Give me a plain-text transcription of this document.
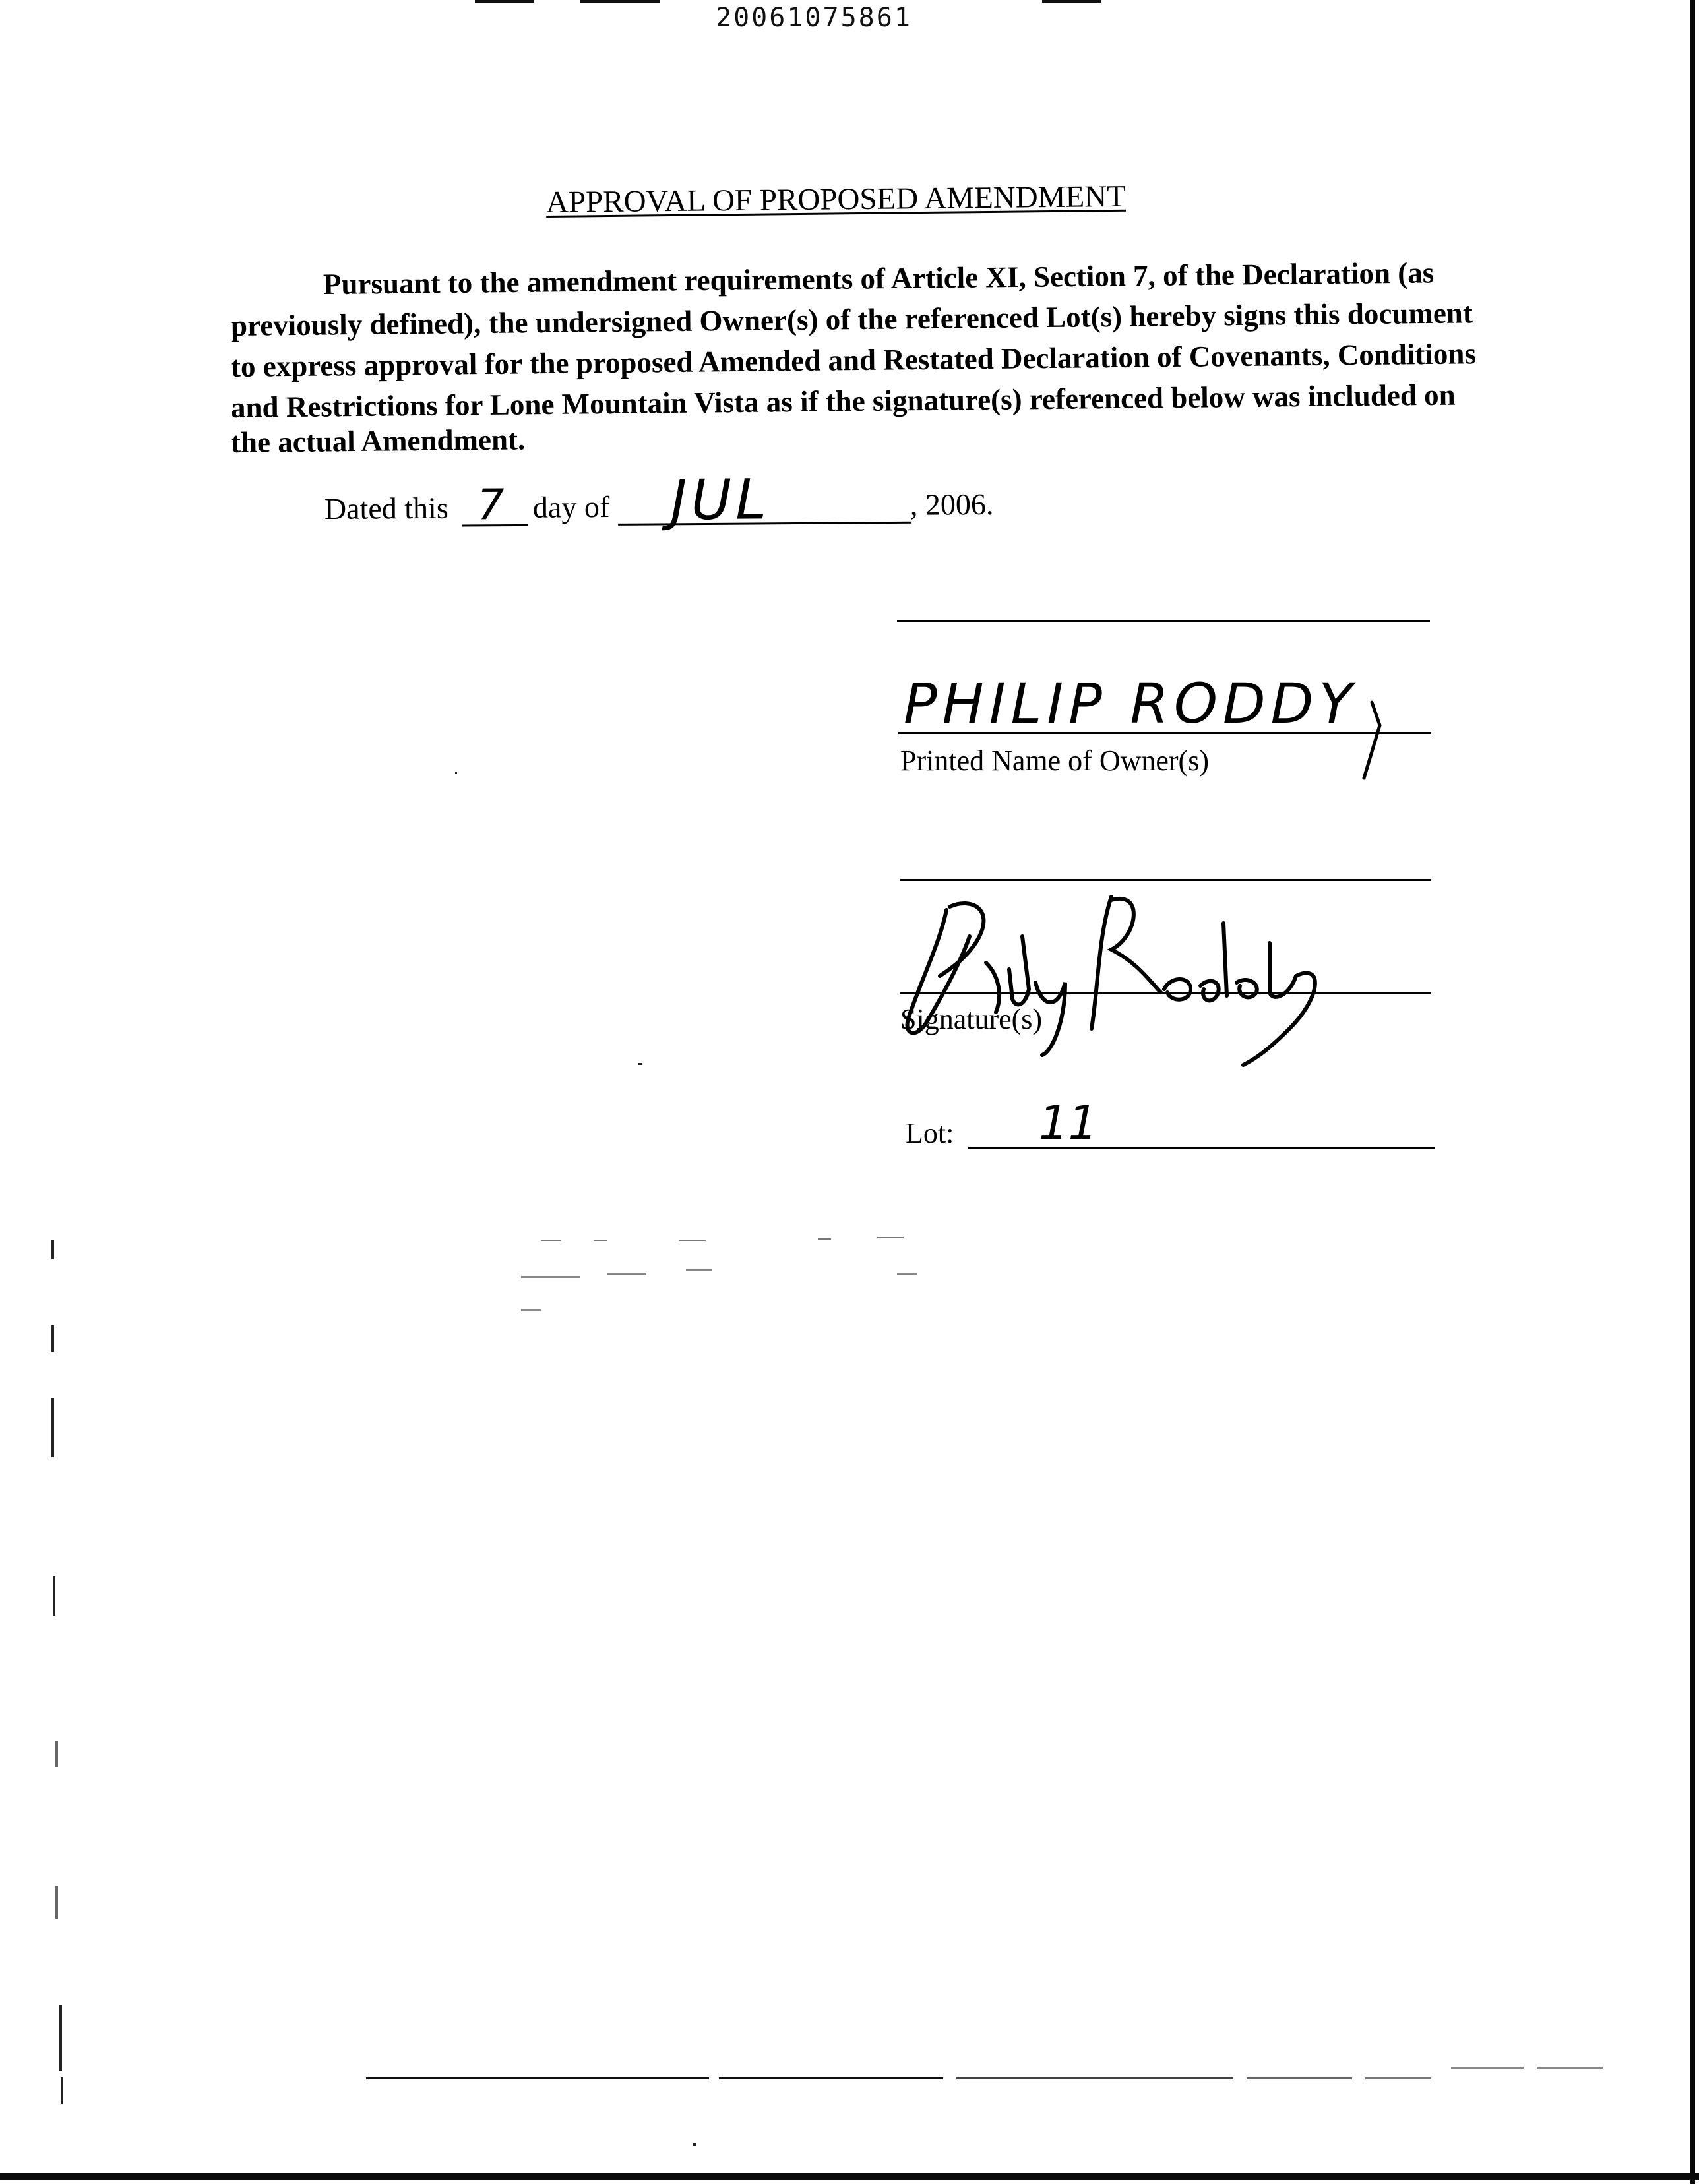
20061075861
APPROVAL OF PROPOSED AMENDMENT
Pursuant to the amendment requirements of Article XI, Section 7, of the Declaration (as
previously defined), the undersigned Owner(s) of the referenced Lot(s) hereby signs this document
to express approval for the proposed Amended and Restated Declaration of Covenants, Conditions
and Restrictions for Lone Mountain Vista as if the signature(s) referenced below was included on
the actual Amendment.
Dated this 7 day of JUL	, 2006.
PHILIP RODDY
Printed Name of Owner(s)
Signature(s)
Lot: 11
